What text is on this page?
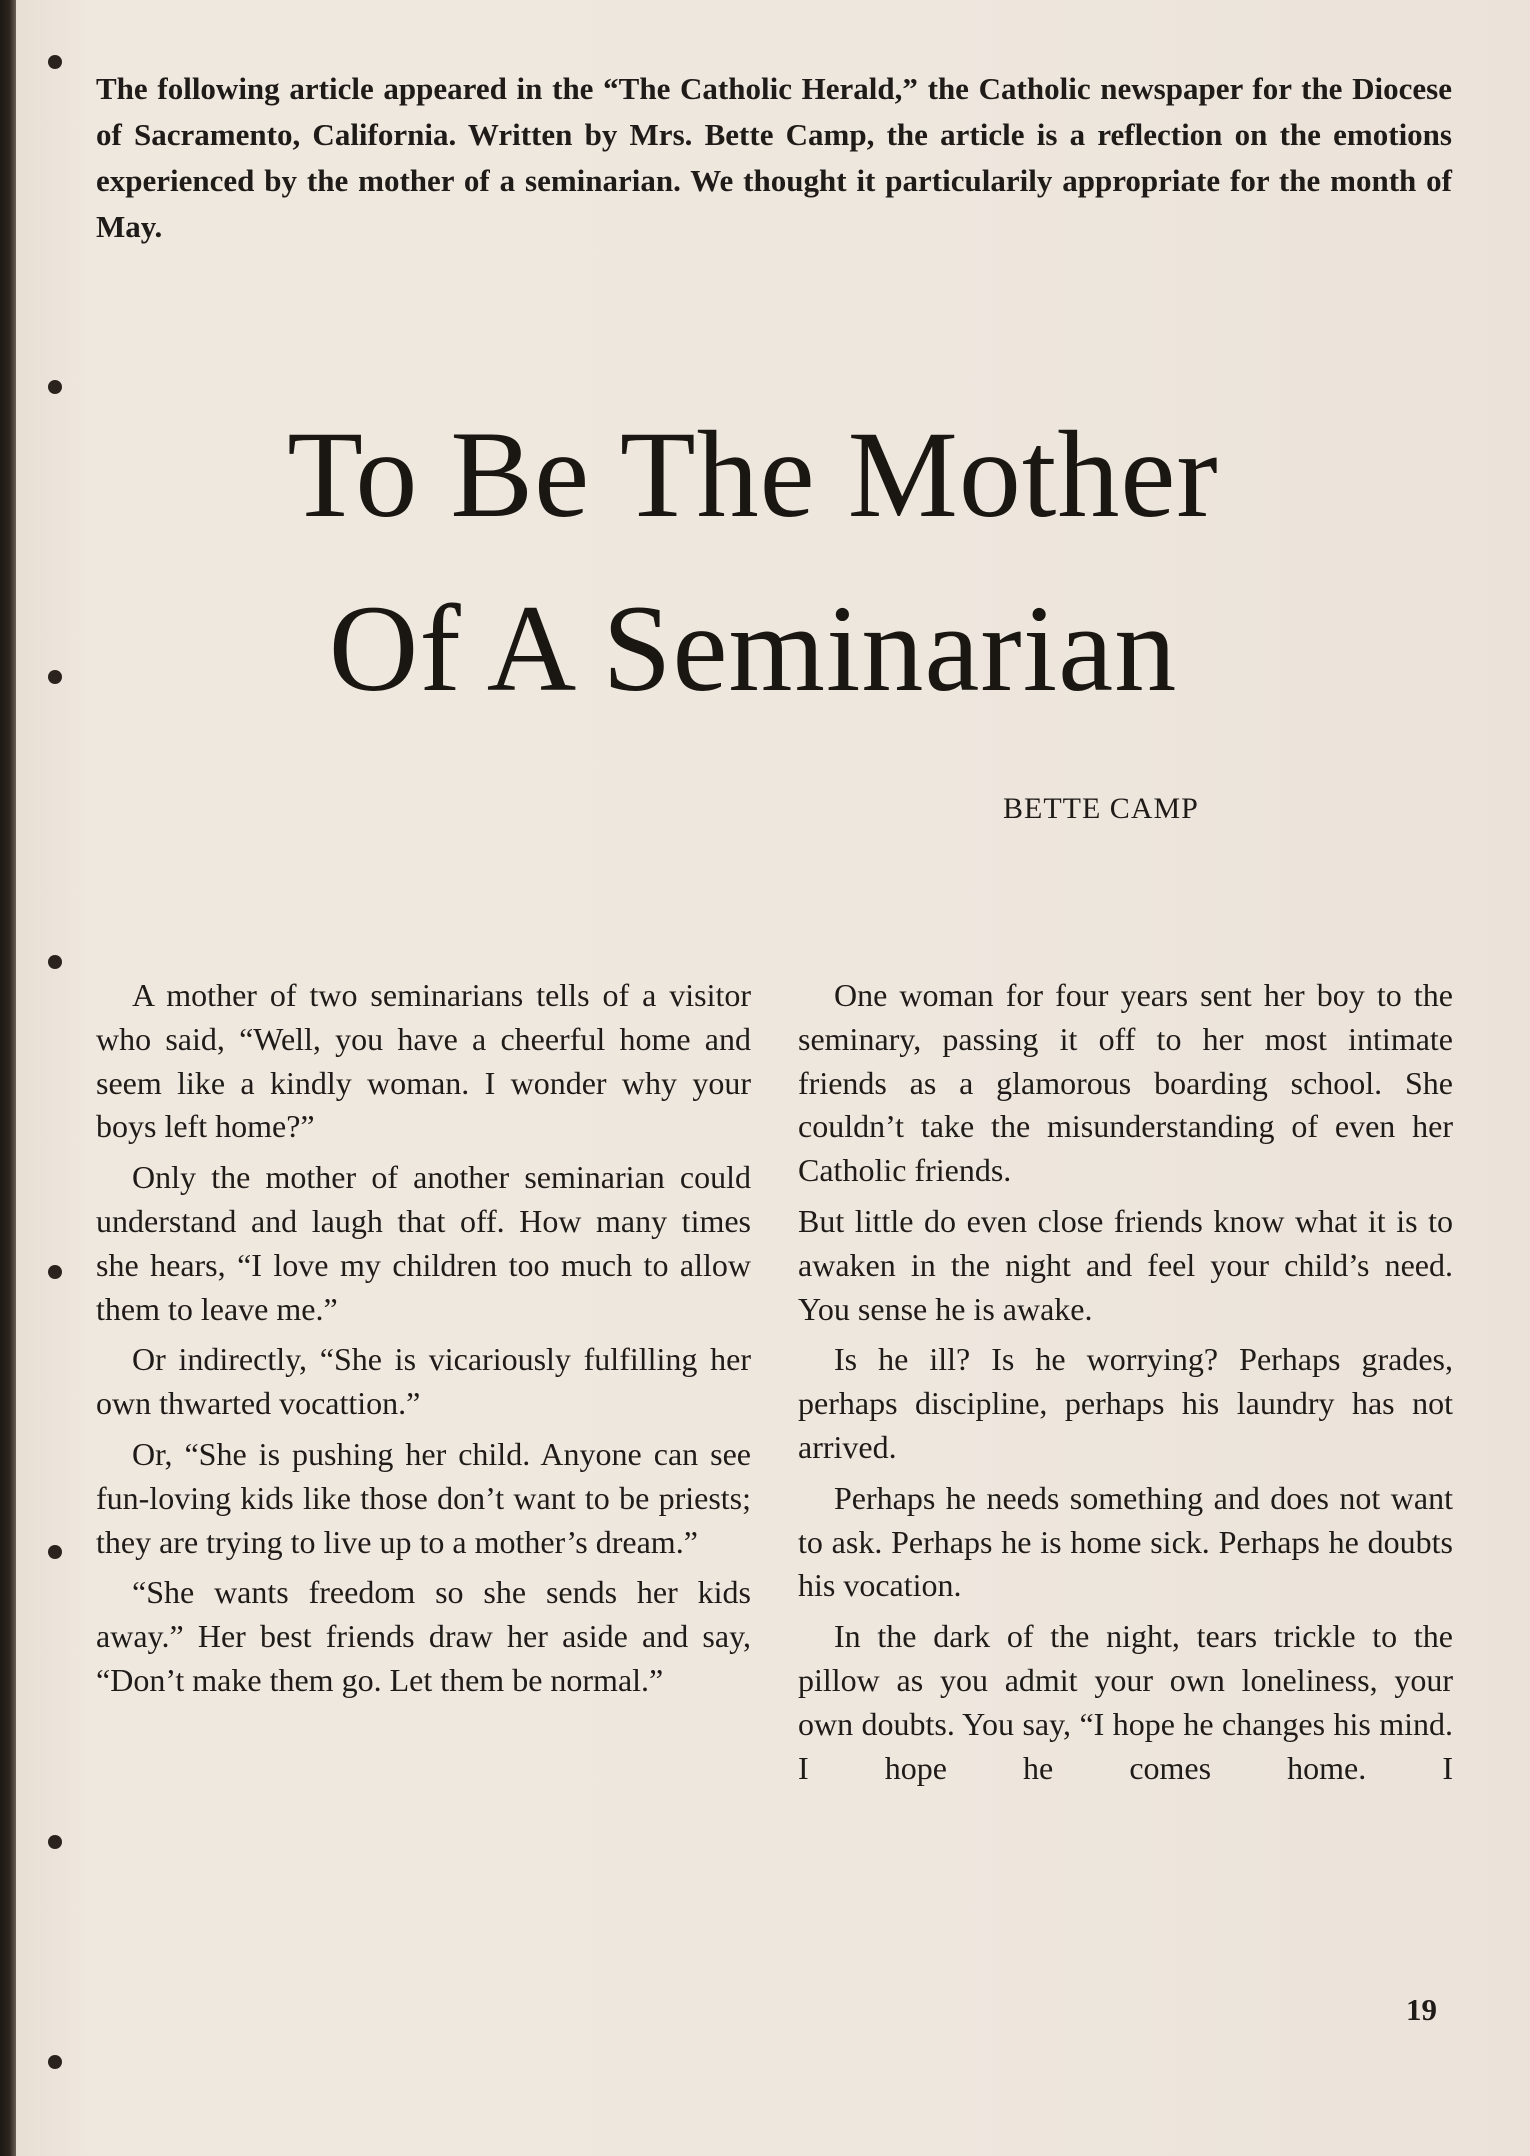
The following article appeared in the “The Catholic Herald,” the Catholic newspaper for the Diocese of Sacramento, California. Written by Mrs. Bette Camp, the article is a reflection on the emotions experienced by the mother of a seminarian. We thought it particularily appropriate for the month of May.
To Be The Mother
Of A Seminarian
BETTE CAMP

A mother of two seminarians tells of a visitor who said, “Well, you have a cheerful home and seem like a kindly woman. I wonder why your boys left home?”

Only the mother of another seminarian could understand and laugh that off. How many times she hears, “I love my children too much to allow them to leave me.”

Or indirectly, “She is vicariously fulfilling her own thwarted vocattion.”

Or, “She is pushing her child. Anyone can see fun-loving kids like those don’t want to be priests; they are trying to live up to a mother’s dream.”

“She wants freedom so she sends her kids away.” Her best friends draw her aside and say, “Don’t make them go. Let them be normal.”

One woman for four years sent her boy to the seminary, passing it off to her most intimate friends as a glamorous boarding school. She couldn’t take the misunderstanding of even her Catholic friends.

But little do even close friends know what it is to awaken in the night and feel your child’s need. You sense he is awake.

Is he ill? Is he worrying? Perhaps grades, perhaps discipline, perhaps his laundry has not arrived.

Perhaps he needs something and does not want to ask. Perhaps he is home sick. Perhaps he doubts his vocation.

In the dark of the night, tears trickle to the pillow as you admit your own loneliness, your own doubts. You say, “I hope he changes his mind. I hope he comes home. I

19
